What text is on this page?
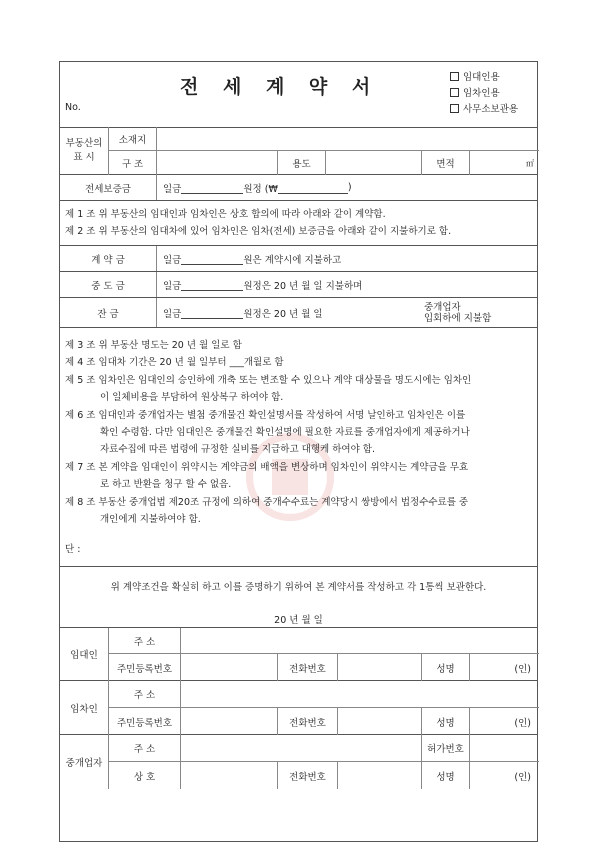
전 세 계 약 서
No.
임대인용
임차인용
사무소보관용
부동산의
표 시
소재지
구 조	용도	면적	㎡
전세보증금	일금
	원정 (₩
	)
제 1 조 위 부동산의 임대인과 임차인은 상호 합의에 따라 아래와 같이 계약함.
제 2 조 위 부동산의 임대차에 있어 임차인은 임차(전세) 보증금을 아래와 같이 지불하기로 함.
계 약 금	일금
	원은 계약시에 지불하고
중 도 금	일금
	원정은 20 년 월 일 지불하며
잔 금	일금
	원정은 20 년 월 일
중개업자
입회하에 지불함
제 3 조 위 부동산 명도는 20 년 월 일로 함
제 4 조 임대차 기간은 20 년 월 일부터 ___개월로 함
제 5 조 임차인은 임대인의 승인하에 개축 또는 변조할 수 있으나 계약 대상물을 명도시에는 임차인
이 일체비용을 부담하여 원상복구 하여야 함.
제 6 조 임대인과 중개업자는 별첨 중개물건 확인설명서를 작성하여 서명 날인하고 임차인은 이를
확인 수령함. 다만 임대인은 중개물건 확인설명에 필요한 자료를 중개업자에게 제공하거나
자료수집에 따른 법령에 규정한 실비를 지급하고 대행케 하여야 함.
제 7 조 본 계약을 임대인이 위약시는 계약금의 배액을 변상하며 임차인이 위약시는 계약금을 무효
로 하고 반환을 청구 할 수 없음.
제 8 조 부동산 중개업법 제20조 규정에 의하여 중개수수료는 계약당시 쌍방에서 법정수수료를 중
개인에게 지불하여야 함.
단 :
위 계약조건을 확실히 하고 이를 증명하기 위하여 본 계약서를 작성하고 각 1통씩 보관한다.
20 년 월 일
임대인
주 소
주민등록번호	전화번호	성명	(인)
임차인
주 소
주민등록번호	전화번호	성명	(인)
중개업자
주 소	허가번호
상 호	전화번호	성명	(인)
